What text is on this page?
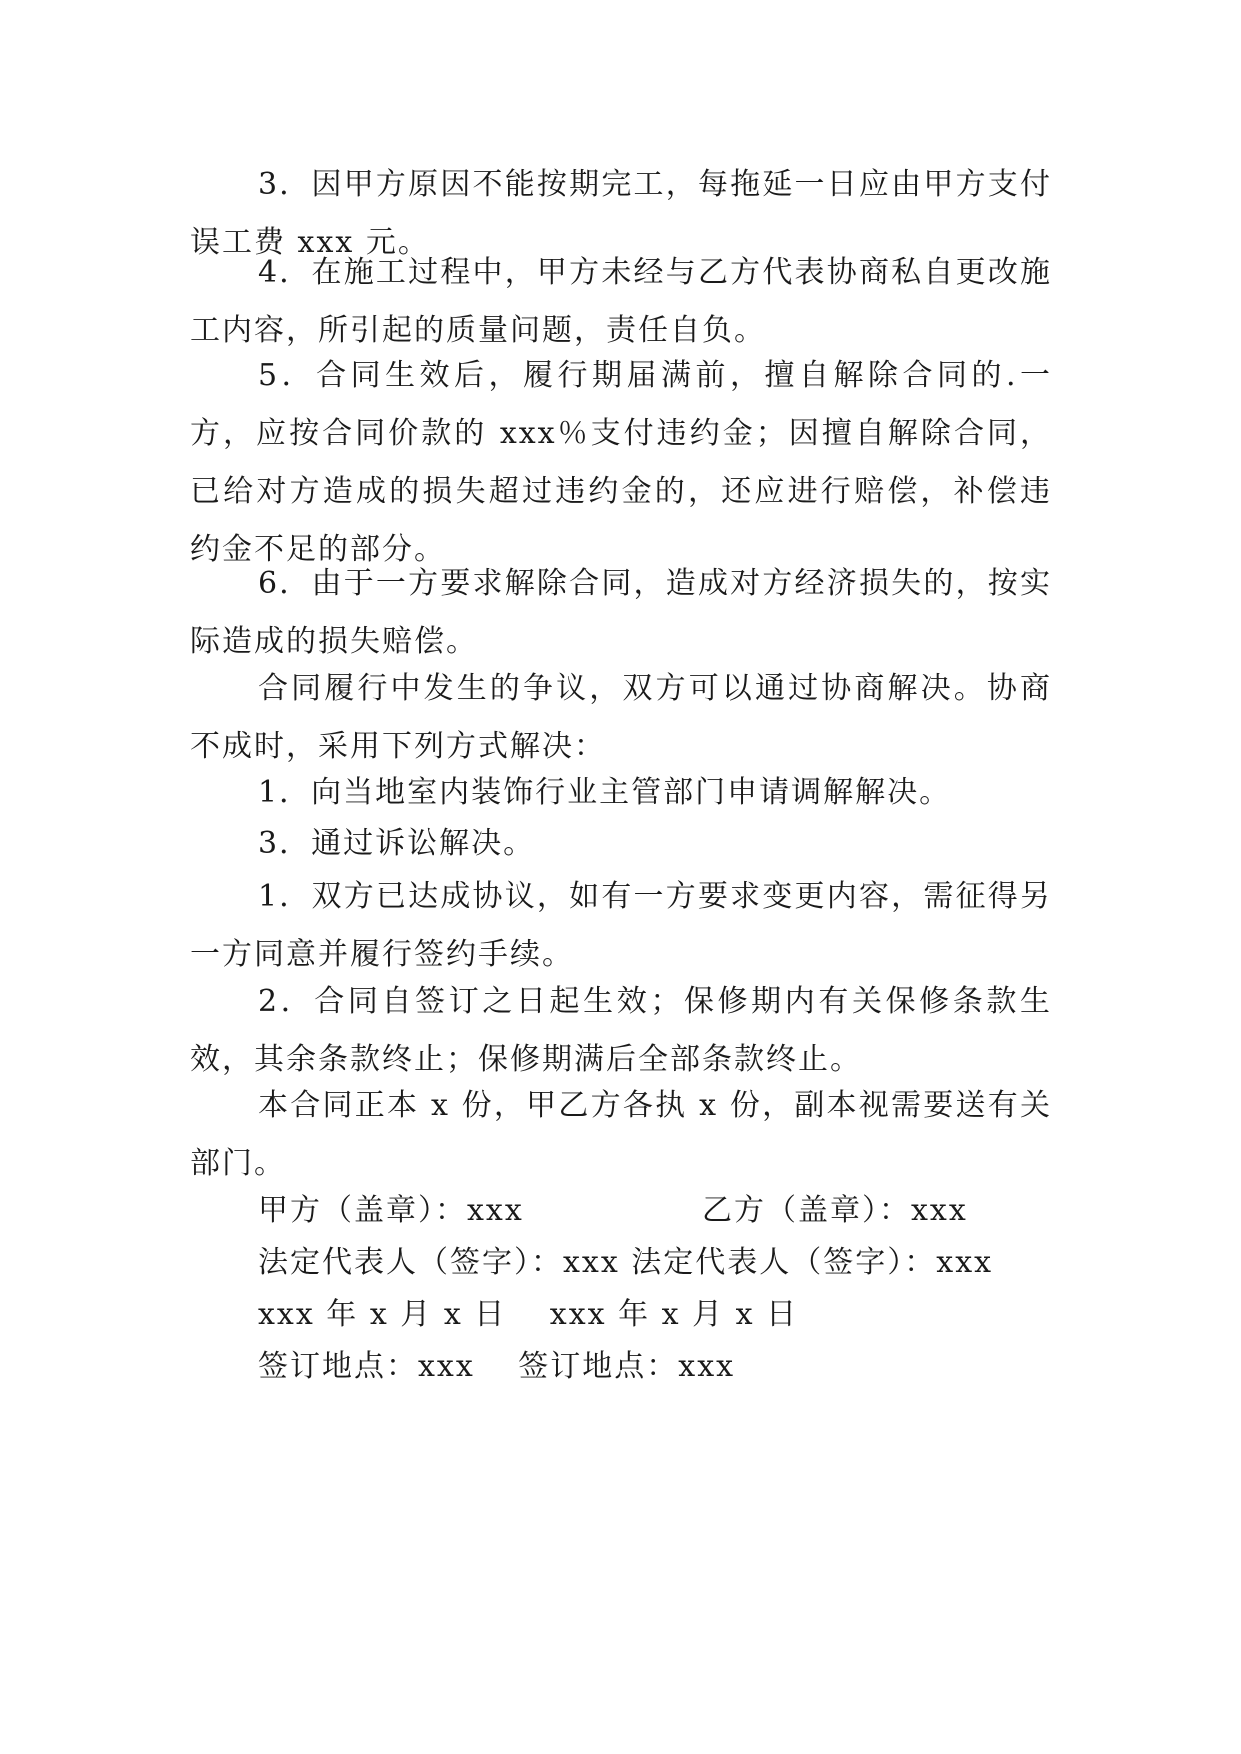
3．因甲方原因不能按期完工，每拖延一日应由甲方支付误工费 xxx 元。

4．在施工过程中，甲方未经与乙方代表协商私自更改施工内容，所引起的质量问题，责任自负。

5．合同生效后，履行期届满前，擅自解除合同的.一方，应按合同价款的 xxx％支付违约金；因擅自解除合同，已给对方造成的损失超过违约金的，还应进行赔偿，补偿违约金不足的部分。

6．由于一方要求解除合同，造成对方经济损失的，按实际造成的损失赔偿。

合同履行中发生的争议，双方可以通过协商解决。协商不成时，采用下列方式解决：

1．向当地室内装饰行业主管部门申请调解解决。

3．通过诉讼解决。

1．双方已达成协议，如有一方要求变更内容，需征得另一方同意并履行签约手续。

2．合同自签订之日起生效；保修期内有关保修条款生效，其余条款终止；保修期满后全部条款终止。

本合同正本 x 份，甲乙方各执 x 份，副本视需要送有关部门。

甲方（盖章）：xxx	乙方（盖章）：xxx

法定代表人（签字）：xxx 法定代表人（签字）：xxx

xxx 年 x 月 x 日　 xxx 年 x 月 x 日

签订地点：xxx　 签订地点：xxx
